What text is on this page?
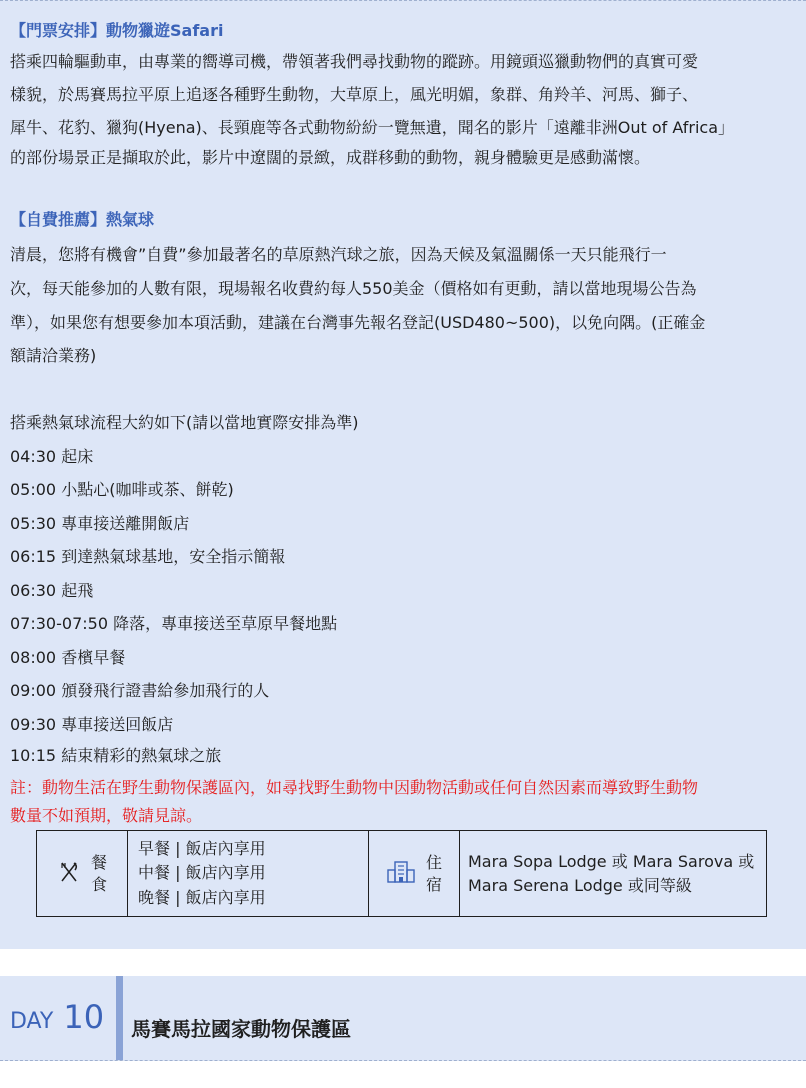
【門票安排】動物獵遊Safari
搭乘四輪驅動車，由專業的嚮導司機，帶領著我們尋找動物的蹤跡。用鏡頭巡獵動物們的真實可愛
樣貌，於馬賽馬拉平原上追逐各種野生動物，大草原上，風光明媚，象群、角羚羊、河馬、獅子、
犀牛、花豹、獵狗(Hyena)、長頸鹿等各式動物紛紛一覽無遺，聞名的影片「遠離非洲Out of Africa」
的部份場景正是擷取於此，影片中遼闊的景緻，成群移動的動物，親身體驗更是感動滿懷。
【自費推薦】熱氣球
清晨，您將有機會”自費”參加最著名的草原熱汽球之旅，因為天候及氣溫關係一天只能飛行一
次，每天能參加的人數有限，現場報名收費約每人550美金（價格如有更動，請以當地現場公告為
準），如果您有想要參加本項活動，建議在台灣事先報名登記(USD480~500)，以免向隅。(正確金
額請洽業務)
搭乘熱氣球流程大約如下(請以當地實際安排為準)
04:30 起床
05:00 小點心(咖啡或茶、餅乾)
05:30 專車接送離開飯店
06:15 到達熱氣球基地，安全指示簡報
06:30 起飛
07:30-07:50 降落，專車接送至草原早餐地點
08:00 香檳早餐
09:00 頒發飛行證書給參加飛行的人
09:30 專車接送回飯店
10:15 結束精彩的熱氣球之旅
註：動物生活在野生動物保護區內，如尋找野生動物中因動物活動或任何自然因素而導致野生動物
數量不如預期，敬請見諒。
餐
食

早餐 | 飯店內享用
中餐 | 飯店內享用
晚餐 | 飯店內享用

住
宿

Mara Sopa Lodge 或 Mara Sarova 或 Mara Serena Lodge 或同等級
DAY 10 馬賽馬拉國家動物保護區
